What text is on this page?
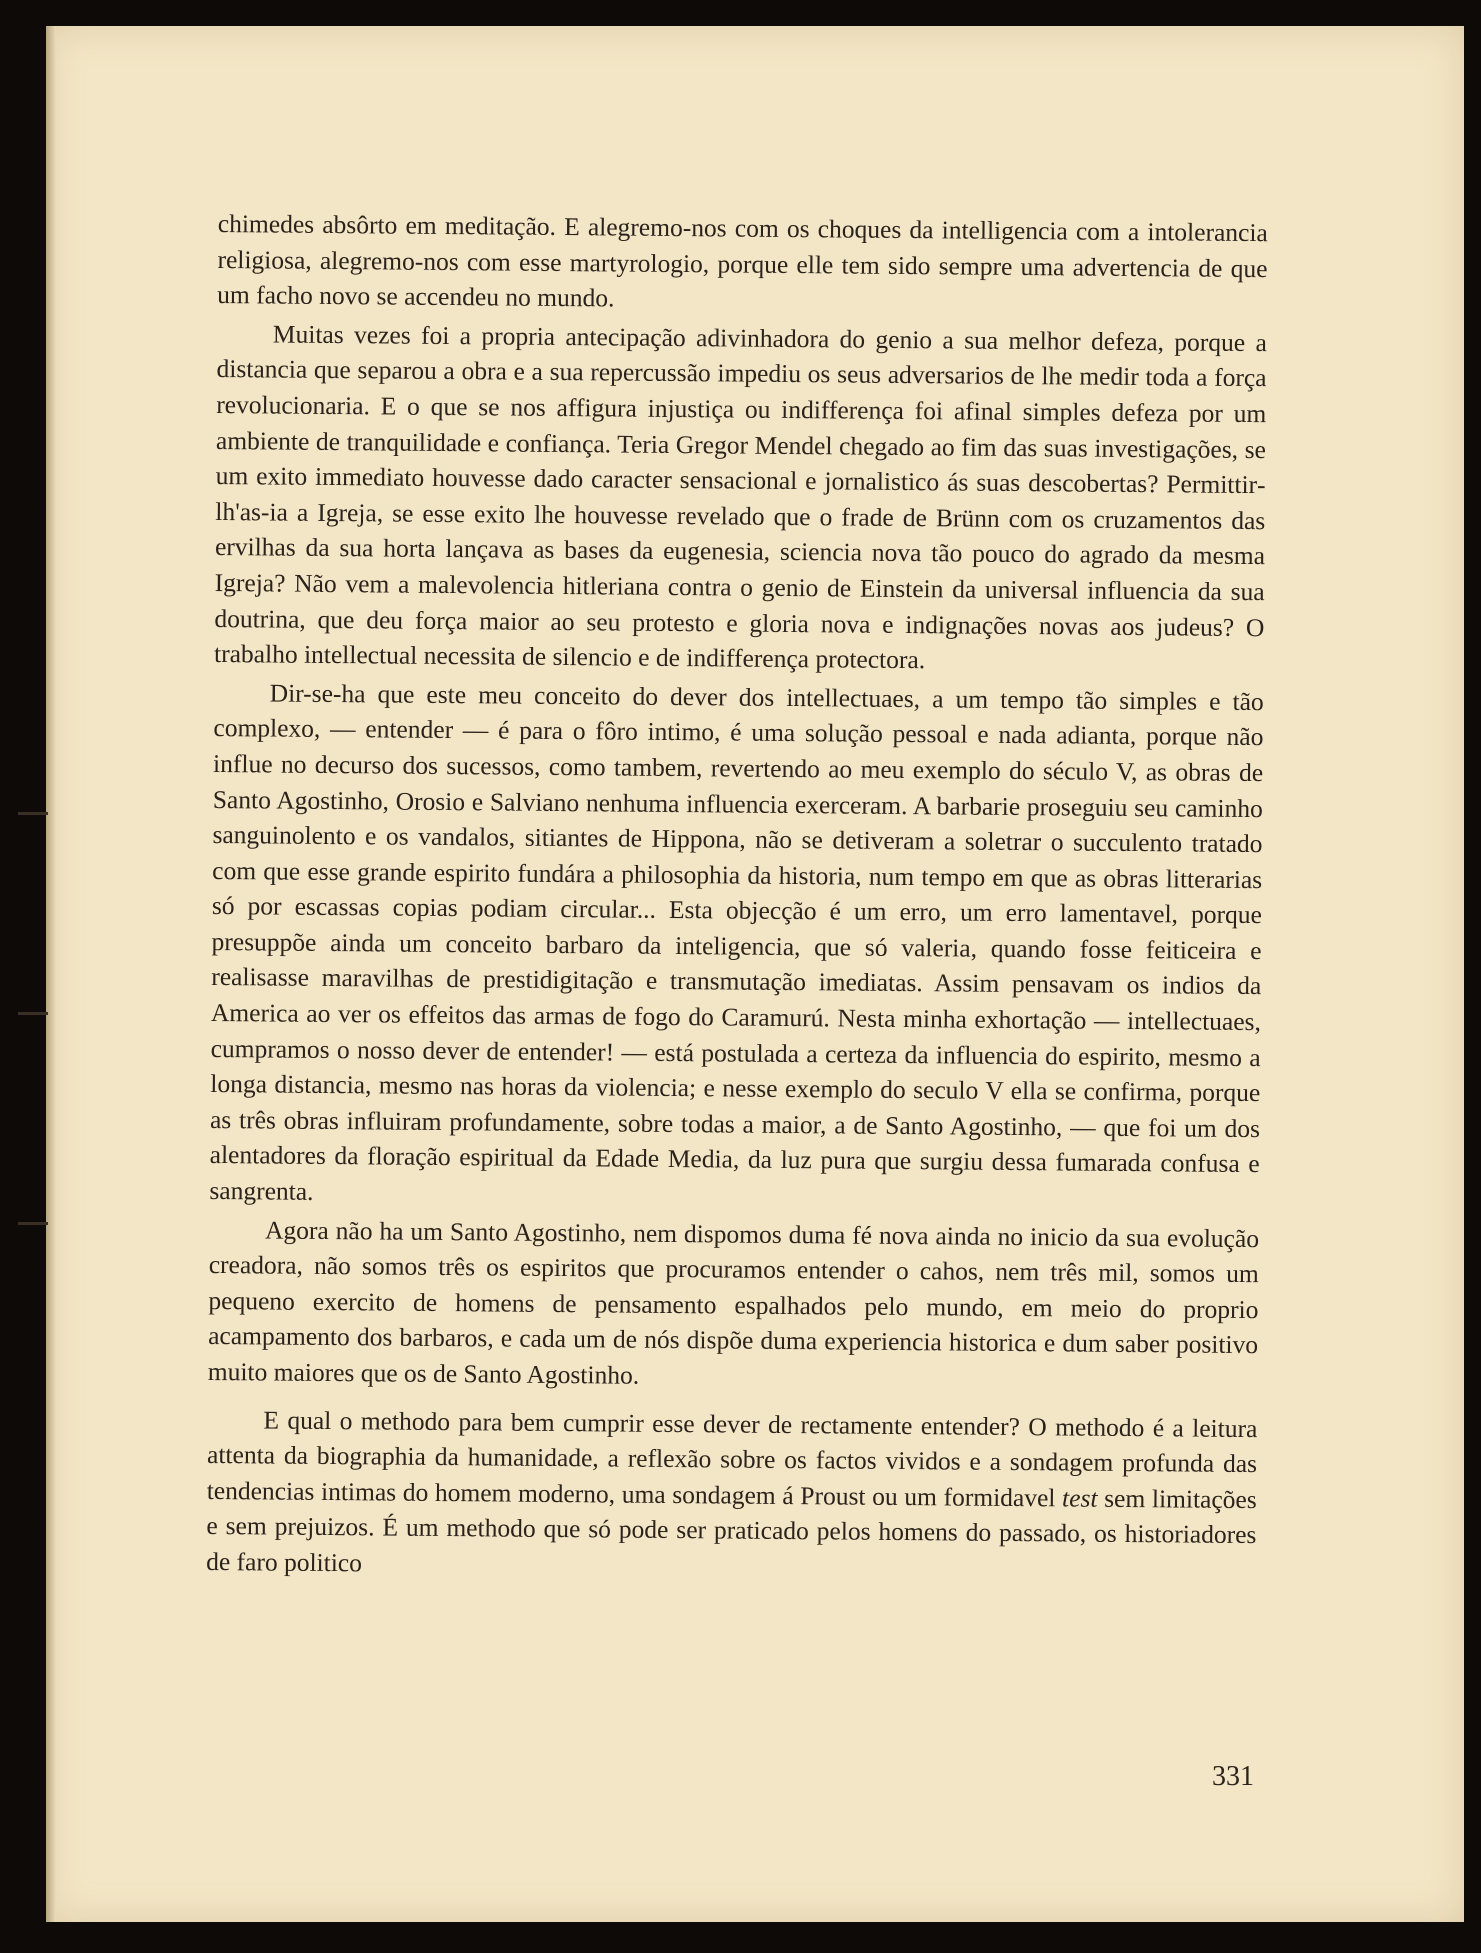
chimedes absôrto em meditação. E alegremo-nos com os choques da intelligencia com a intolerancia religiosa, alegremo-nos com esse martyrologio, porque elle tem sido sempre uma advertencia de que um facho novo se accendeu no mundo.

Muitas vezes foi a propria antecipação adivinhadora do genio a sua melhor defeza, porque a distancia que separou a obra e a sua repercussão impediu os seus adversarios de lhe medir toda a força revolucionaria. E o que se nos affigura injustiça ou indifferença foi afinal simples defeza por um ambiente de tranquilidade e confiança. Teria Gregor Mendel chegado ao fim das suas investigações, se um exito immediato houvesse dado caracter sensacional e jornalistico ás suas descobertas? Permittirlh'as-ia a Igreja, se esse exito lhe houvesse revelado que o frade de Brünn com os cruzamentos das ervilhas da sua horta lançava as bases da eugenesia, sciencia nova tão pouco do agrado da mesma Igreja? Não vem a malevolencia hitleriana contra o genio de Einstein da universal influencia da sua doutrina, que deu força maior ao seu protesto e gloria nova e indignações novas aos judeus? O trabalho intellectual necessita de silencio e de indifferença protectora.

Dir-se-ha que este meu conceito do dever dos intellectuaes, a um tempo tão simples e tão complexo, — entender — é para o fôro intimo, é uma solução pessoal e nada adianta, porque não influe no decurso dos sucessos, como tambem, revertendo ao meu exemplo do século V, as obras de Santo Agostinho, Orosio e Salviano nenhuma influencia exerceram. A barbarie proseguiu seu caminho sanguinolento e os vandalos, sitiantes de Hippona, não se detiveram a soletrar o succulento tratado com que esse grande espirito fundára a philosophia da historia, num tempo em que as obras litterarias só por escassas copias podiam circular... Esta objecção é um erro, um erro lamentavel, porque presuppõe ainda um conceito barbaro da inteligencia, que só valeria, quando fosse feiticeira e realisasse maravilhas de prestidigitação e transmutação imediatas. Assim pensavam os indios da America ao ver os effeitos das armas de fogo do Caramurú. Nesta minha exhortação — intellectuaes, cumpramos o nosso dever de entender! — está postulada a certeza da influencia do espirito, mesmo a longa distancia, mesmo nas horas da violencia; e nesse exemplo do seculo V ella se confirma, porque as três obras influiram profundamente, sobre todas a maior, a de Santo Agostinho, — que foi um dos alentadores da floração espiritual da Edade Media, da luz pura que surgiu dessa fumarada confusa e sangrenta.

Agora não ha um Santo Agostinho, nem dispomos duma fé nova ainda no inicio da sua evolução creadora, não somos três os espiritos que procuramos entender o cahos, nem três mil, somos um pequeno exercito de homens de pensamento espalhados pelo mundo, em meio do proprio acampamento dos barbaros, e cada um de nós dispõe duma experiencia historica e dum saber positivo muito maiores que os de Santo Agostinho.

E qual o methodo para bem cumprir esse dever de rectamente entender? O methodo é a leitura attenta da biographia da humanidade, a reflexão sobre os factos vividos e a sondagem profunda das tendencias intimas do homem moderno, uma sondagem á Proust ou um formidavel test sem limitações e sem prejuizos. É um methodo que só pode ser praticado pelos homens do passado, os historiadores de faro politico

331
